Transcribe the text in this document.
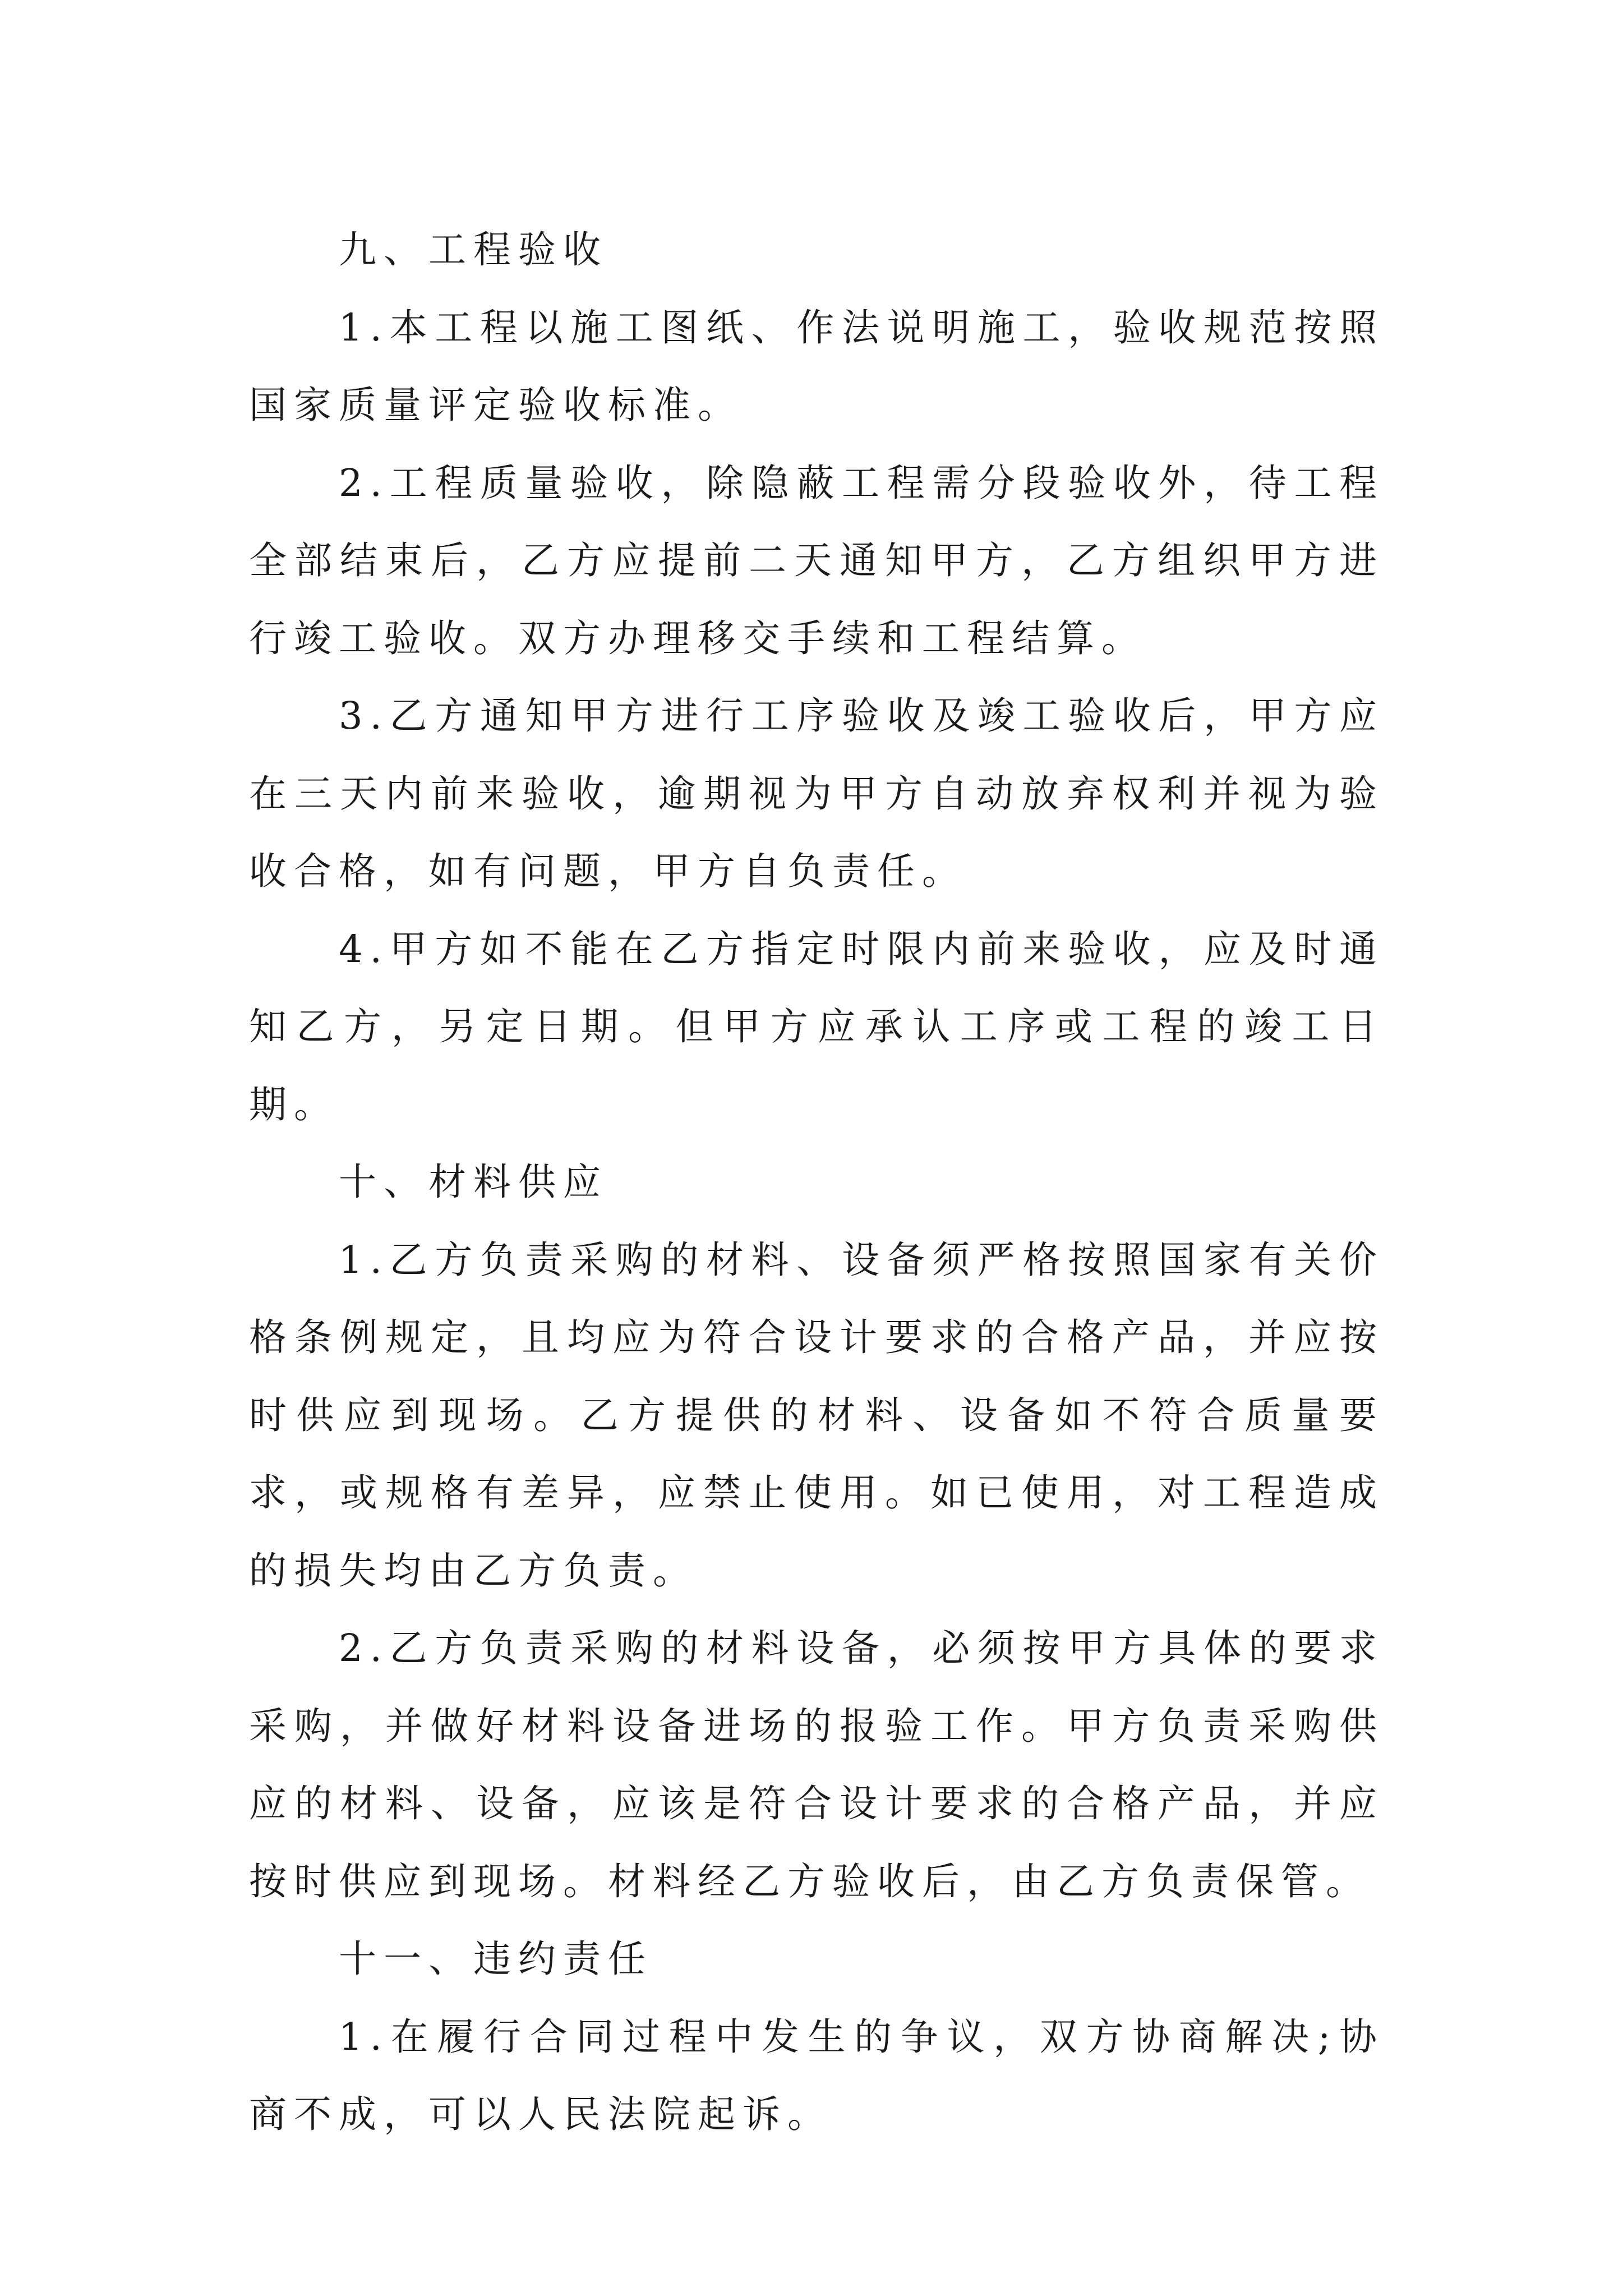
九、工程验收

1.本工程以施工图纸、作法说明施工，验收规范按照国家质量评定验收标准。

2.工程质量验收，除隐蔽工程需分段验收外，待工程全部结束后，乙方应提前二天通知甲方，乙方组织甲方进行竣工验收。双方办理移交手续和工程结算。

3.乙方通知甲方进行工序验收及竣工验收后，甲方应在三天内前来验收，逾期视为甲方自动放弃权利并视为验收合格，如有问题，甲方自负责任。

4.甲方如不能在乙方指定时限内前来验收，应及时通知乙方，另定日期。但甲方应承认工序或工程的竣工日期。

十、材料供应

1.乙方负责采购的材料、设备须严格按照国家有关价格条例规定，且均应为符合设计要求的合格产品，并应按时供应到现场。乙方提供的材料、设备如不符合质量要求，或规格有差异，应禁止使用。如已使用，对工程造成的损失均由乙方负责。

2.乙方负责采购的材料设备，必须按甲方具体的要求采购，并做好材料设备进场的报验工作。甲方负责采购供应的材料、设备，应该是符合设计要求的合格产品，并应按时供应到现场。材料经乙方验收后，由乙方负责保管。

十一、违约责任

1.在履行合同过程中发生的争议，双方协商解决;协商不成，可以人民法院起诉。
